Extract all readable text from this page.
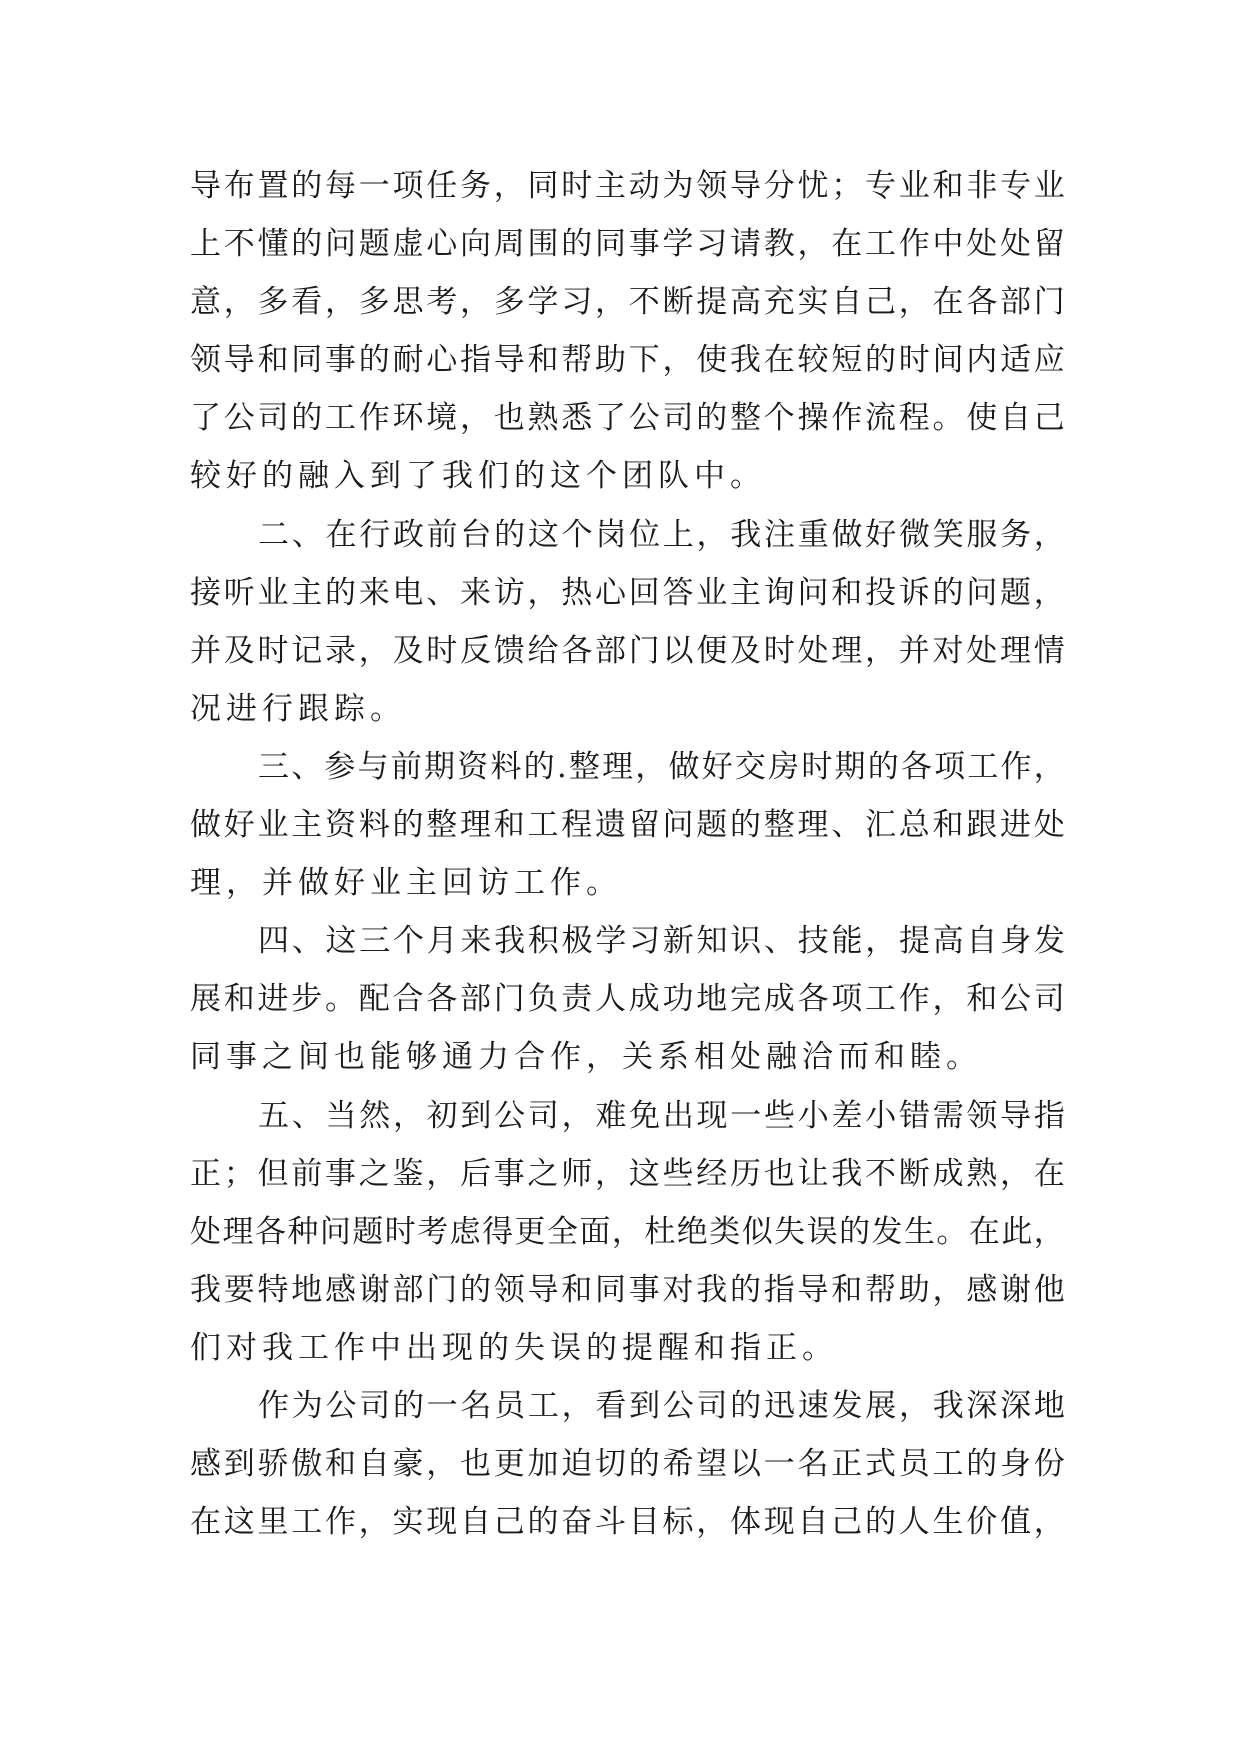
导 布 置 的 每 一 项 任 务 ， 同 时 主 动 为 领 导 分 忧 ； 专 业 和 非 专 业
上 不 懂 的 问 题 虚 心 向 周 围 的 同 事 学 习 请 教 ， 在 工 作 中 处 处 留
意 ， 多 看 ， 多 思 考 ， 多 学 习 ， 不 断 提 高 充 实 自 己 ， 在 各 部 门
领 导 和 同 事 的 耐 心 指 导 和 帮 助 下 ， 使 我 在 较 短 的 时 间 内 适 应
了 公 司 的 工 作 环 境 ， 也 熟 悉 了 公 司 的 整 个 操 作 流 程 。 使 自 己
较好的融入到了我们的这个团队中。
二 、 在 行 政 前 台 的 这 个 岗 位 上 ， 我 注 重 做 好 微 笑 服 务 ，
接 听 业 主 的 来 电 、 来 访 ， 热 心 回 答 业 主 询 问 和 投 诉 的 问 题 ，
并 及 时 记 录 ， 及 时 反 馈 给 各 部 门 以 便 及 时 处 理 ， 并 对 处 理 情
况进行跟踪。
三 、 参 与 前 期 资 料 的 . 整 理 ， 做 好 交 房 时 期 的 各 项 工 作 ，
做 好 业 主 资 料 的 整 理 和 工 程 遗 留 问 题 的 整 理 、 汇 总 和 跟 进 处
理，并做好业主回访工作。
四 、 这 三 个 月 来 我 积 极 学 习 新 知 识 、 技 能 ， 提 高 自 身 发
展 和 进 步 。 配 合 各 部 门 负 责 人 成 功 地 完 成 各 项 工 作 ， 和 公 司
同事之间也能够通力合作，关系相处融洽而和睦。
五 、 当 然 ， 初 到 公 司 ， 难 免 出 现 一 些 小 差 小 错 需 领 导 指
正 ； 但 前 事 之 鉴 ， 后 事 之 师 ， 这 些 经 历 也 让 我 不 断 成 熟 ， 在
处 理 各 种 问 题 时 考 虑 得 更 全 面 ， 杜 绝 类 似 失 误 的 发 生 。 在 此 ，
我 要 特 地 感 谢 部 门 的 领 导 和 同 事 对 我 的 指 导 和 帮 助 ， 感 谢 他
们对我工作中出现的失误的提醒和指正。
作 为 公 司 的 一 名 员 工 ， 看 到 公 司 的 迅 速 发 展 ， 我 深 深 地
感 到 骄 傲 和 自 豪 ， 也 更 加 迫 切 的 希 望 以 一 名 正 式 员 工 的 身 份
在 这 里 工 作 ， 实 现 自 己 的 奋 斗 目 标 ， 体 现 自 己 的 人 生 价 值 ，
